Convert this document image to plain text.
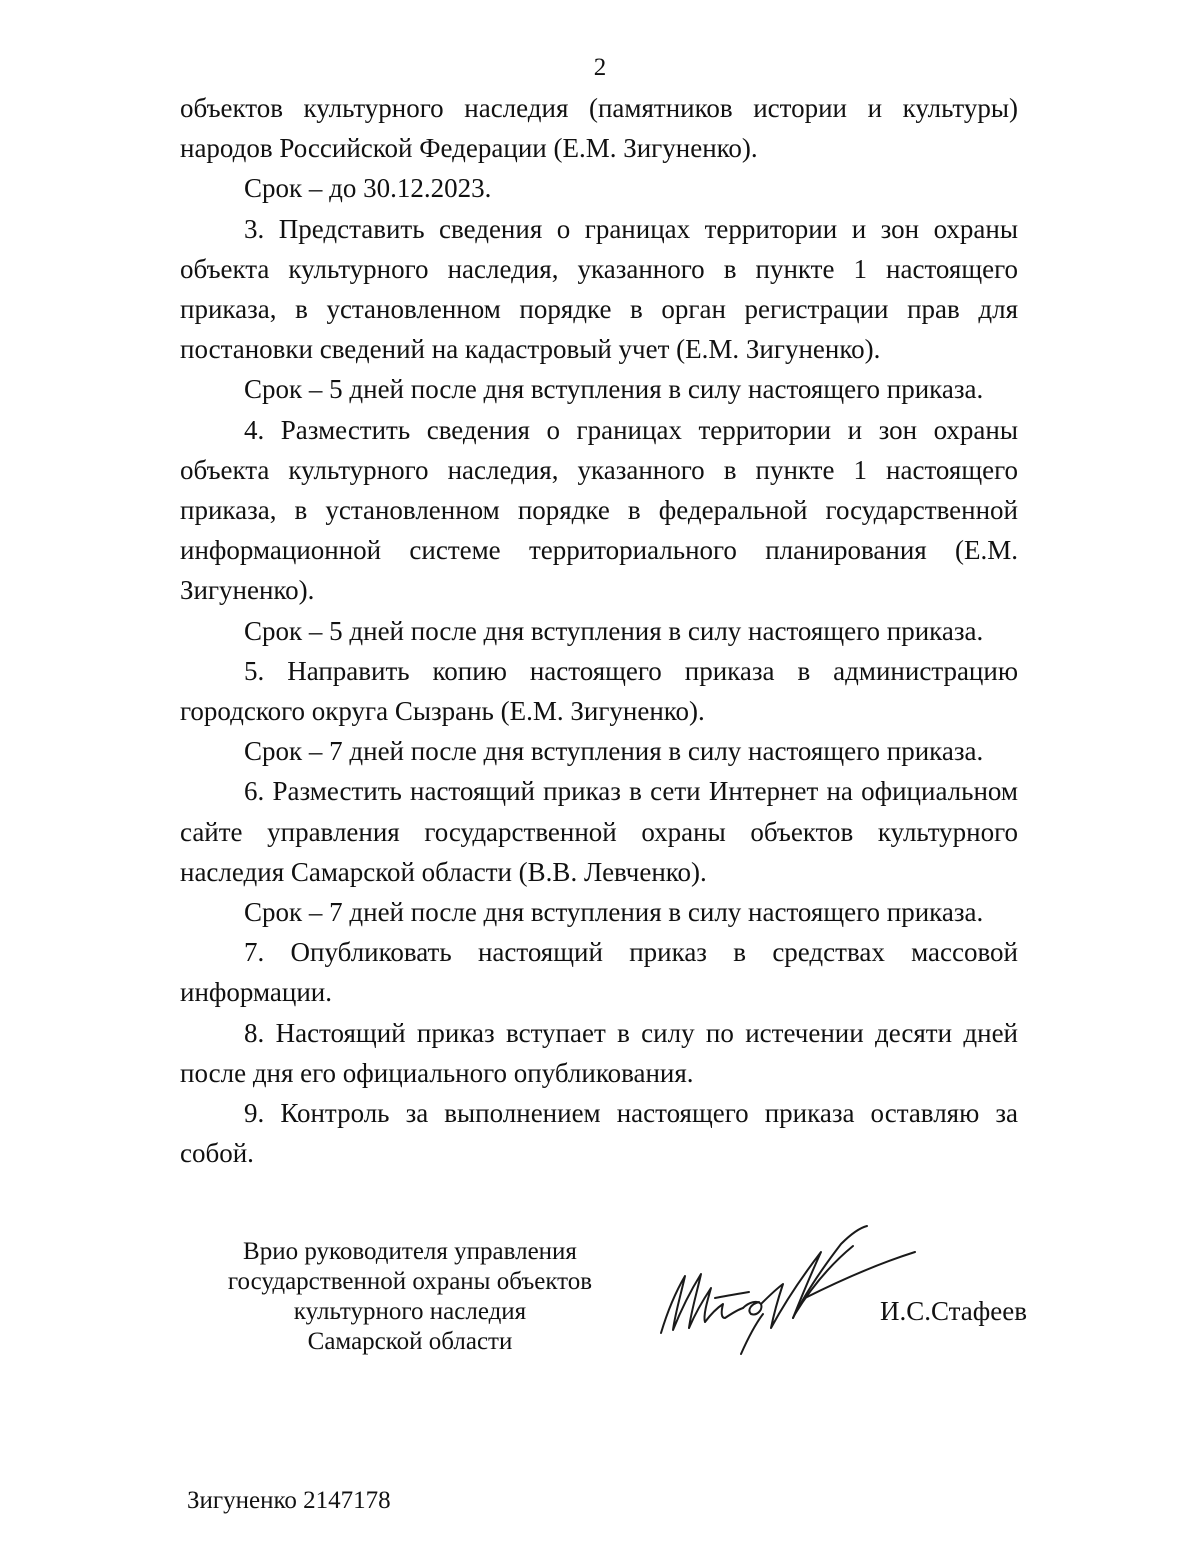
2

объектов культурного наследия (памятников истории и культуры) народов Российской Федерации (Е.М. Зигуненко).

Срок – до 30.12.2023.

3. Представить сведения о границах территории и зон охраны объекта культурного наследия, указанного в пункте 1 настоящего приказа, в установленном порядке в орган регистрации прав для постановки сведений на кадастровый учет (Е.М. Зигуненко).

Срок – 5 дней после дня вступления в силу настоящего приказа.

4. Разместить сведения о границах территории и зон охраны объекта культурного наследия, указанного в пункте 1 настоящего приказа, в установленном порядке в федеральной государственной информационной системе территориального планирования (Е.М. Зигуненко).

Срок – 5 дней после дня вступления в силу настоящего приказа.

5. Направить копию настоящего приказа в администрацию городского округа Сызрань (Е.М. Зигуненко).

Срок – 7 дней после дня вступления в силу настоящего приказа.

6. Разместить настоящий приказ в сети Интернет на официальном сайте управления государственной охраны объектов культурного наследия Самарской области (В.В. Левченко).

Срок – 7 дней после дня вступления в силу настоящего приказа.

7. Опубликовать настоящий приказ в средствах массовой информации.

8. Настоящий приказ вступает в силу по истечении десяти дней после дня его официального опубликования.

9. Контроль за выполнением настоящего приказа оставляю за собой.

Врио руководителя управления
государственной охраны объектов
культурного наследия
Самарской области
И.С.Стафеев
Зигуненко 2147178
